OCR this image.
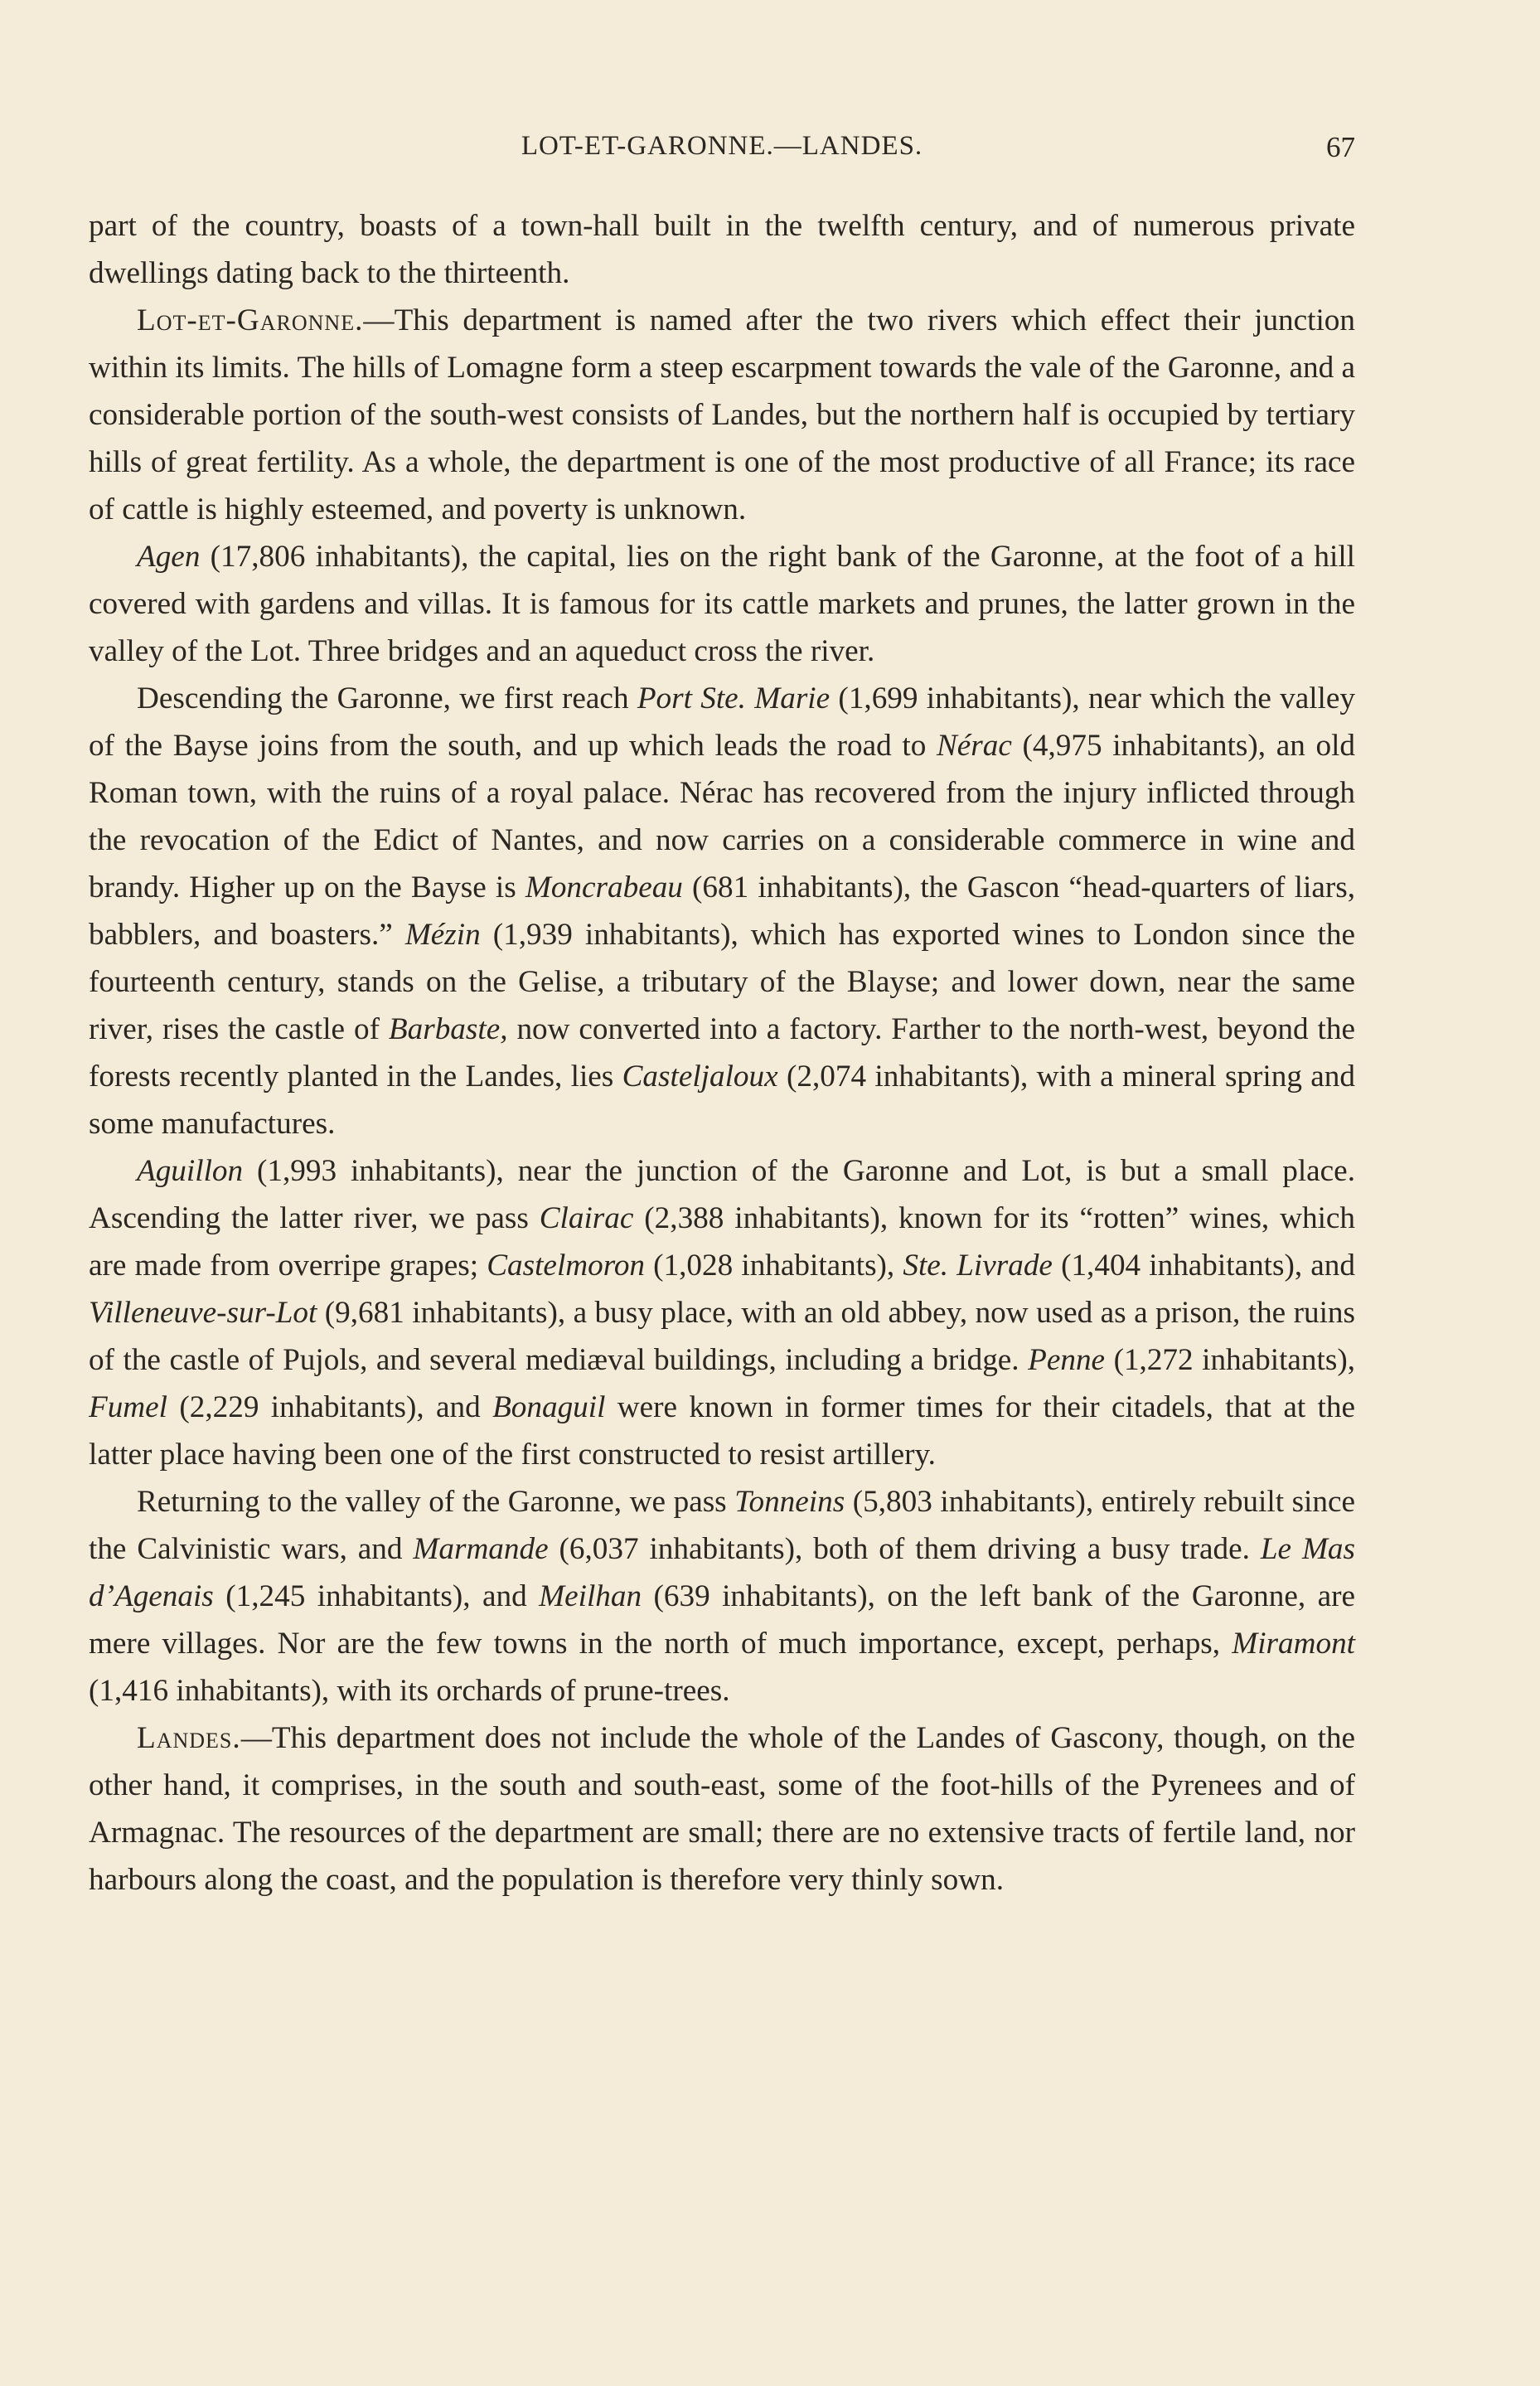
LOT-ET-GARONNE.—LANDES.	67

part of the country, boasts of a town-hall built in the twelfth century, and of numerous private dwellings dating back to the thirteenth.

Lot-et-Garonne.—This department is named after the two rivers which effect their junction within its limits. The hills of Lomagne form a steep escarpment towards the vale of the Garonne, and a considerable portion of the south-west consists of Landes, but the northern half is occupied by tertiary hills of great fertility. As a whole, the department is one of the most productive of all France; its race of cattle is highly esteemed, and poverty is unknown.

Agen (17,806 inhabitants), the capital, lies on the right bank of the Garonne, at the foot of a hill covered with gardens and villas. It is famous for its cattle markets and prunes, the latter grown in the valley of the Lot. Three bridges and an aqueduct cross the river.

Descending the Garonne, we first reach Port Ste. Marie (1,699 inhabitants), near which the valley of the Bayse joins from the south, and up which leads the road to Nérac (4,975 inhabitants), an old Roman town, with the ruins of a royal palace. Nérac has recovered from the injury inflicted through the revocation of the Edict of Nantes, and now carries on a considerable commerce in wine and brandy. Higher up on the Bayse is Moncrabeau (681 inhabitants), the Gascon “head-quarters of liars, babblers, and boasters.” Mézin (1,939 inhabitants), which has exported wines to London since the fourteenth century, stands on the Gelise, a tributary of the Blayse; and lower down, near the same river, rises the castle of Barbaste, now converted into a factory. Farther to the north-west, beyond the forests recently planted in the Landes, lies Casteljaloux (2,074 inhabitants), with a mineral spring and some manufactures.

Aguillon (1,993 inhabitants), near the junction of the Garonne and Lot, is but a small place. Ascending the latter river, we pass Clairac (2,388 inhabitants), known for its “rotten” wines, which are made from overripe grapes; Castelmoron (1,028 inhabitants), Ste. Livrade (1,404 inhabitants), and Villeneuve-sur-Lot (9,681 inhabitants), a busy place, with an old abbey, now used as a prison, the ruins of the castle of Pujols, and several mediæval buildings, including a bridge. Penne (1,272 inhabitants), Fumel (2,229 inhabitants), and Bonaguil were known in former times for their citadels, that at the latter place having been one of the first constructed to resist artillery.

Returning to the valley of the Garonne, we pass Tonneins (5,803 inhabitants), entirely rebuilt since the Calvinistic wars, and Marmande (6,037 inhabitants), both of them driving a busy trade. Le Mas d’Agenais (1,245 inhabitants), and Meilhan (639 inhabitants), on the left bank of the Garonne, are mere villages. Nor are the few towns in the north of much importance, except, perhaps, Miramont (1,416 inhabitants), with its orchards of prune-trees.

Landes.—This department does not include the whole of the Landes of Gascony, though, on the other hand, it comprises, in the south and south-east, some of the foot-hills of the Pyrenees and of Armagnac. The resources of the department are small; there are no extensive tracts of fertile land, nor harbours along the coast, and the population is therefore very thinly sown.
